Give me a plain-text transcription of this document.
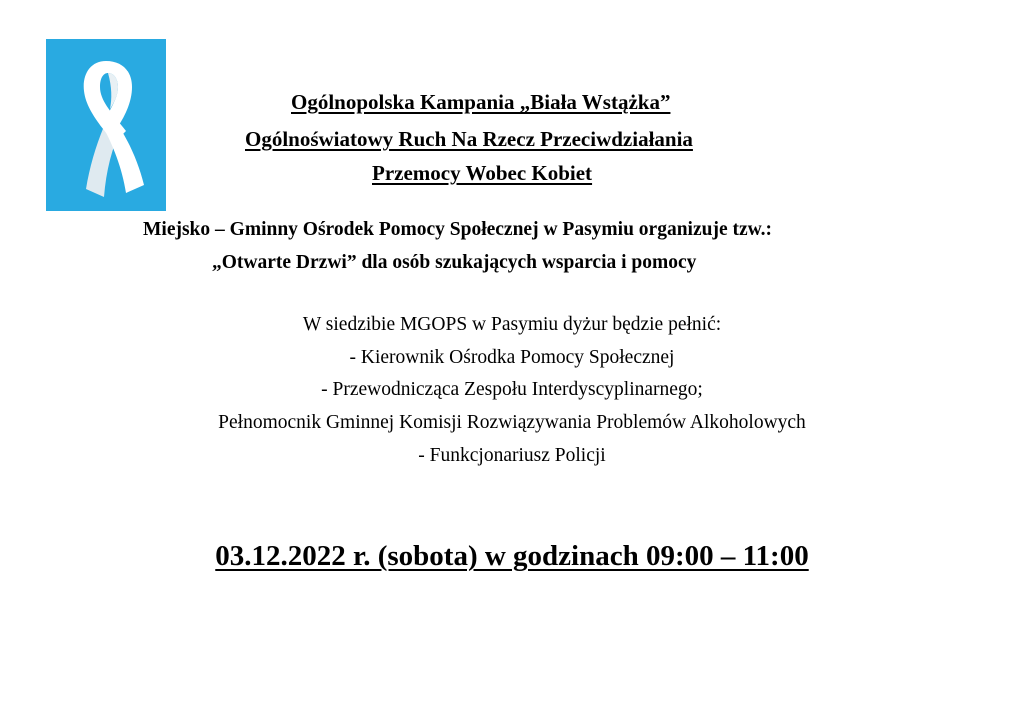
Ogólnopolska Kampania „Biała Wstążka”
Ogólnoświatowy Ruch Na Rzecz Przeciwdziałania
Przemocy Wobec Kobiet
Miejsko – Gminny Ośrodek Pomocy Społecznej w Pasymiu organizuje tzw.:
„Otwarte Drzwi” dla osób szukających wsparcia i pomocy
W siedzibie MGOPS w Pasymiu dyżur będzie pełnić:
- Kierownik Ośrodka Pomocy Społecznej
- Przewodnicząca Zespołu Interdyscyplinarnego;
Pełnomocnik Gminnej Komisji Rozwiązywania Problemów Alkoholowych
- Funkcjonariusz Policji
03.12.2022 r. (sobota) w godzinach 09:00 – 11:00
